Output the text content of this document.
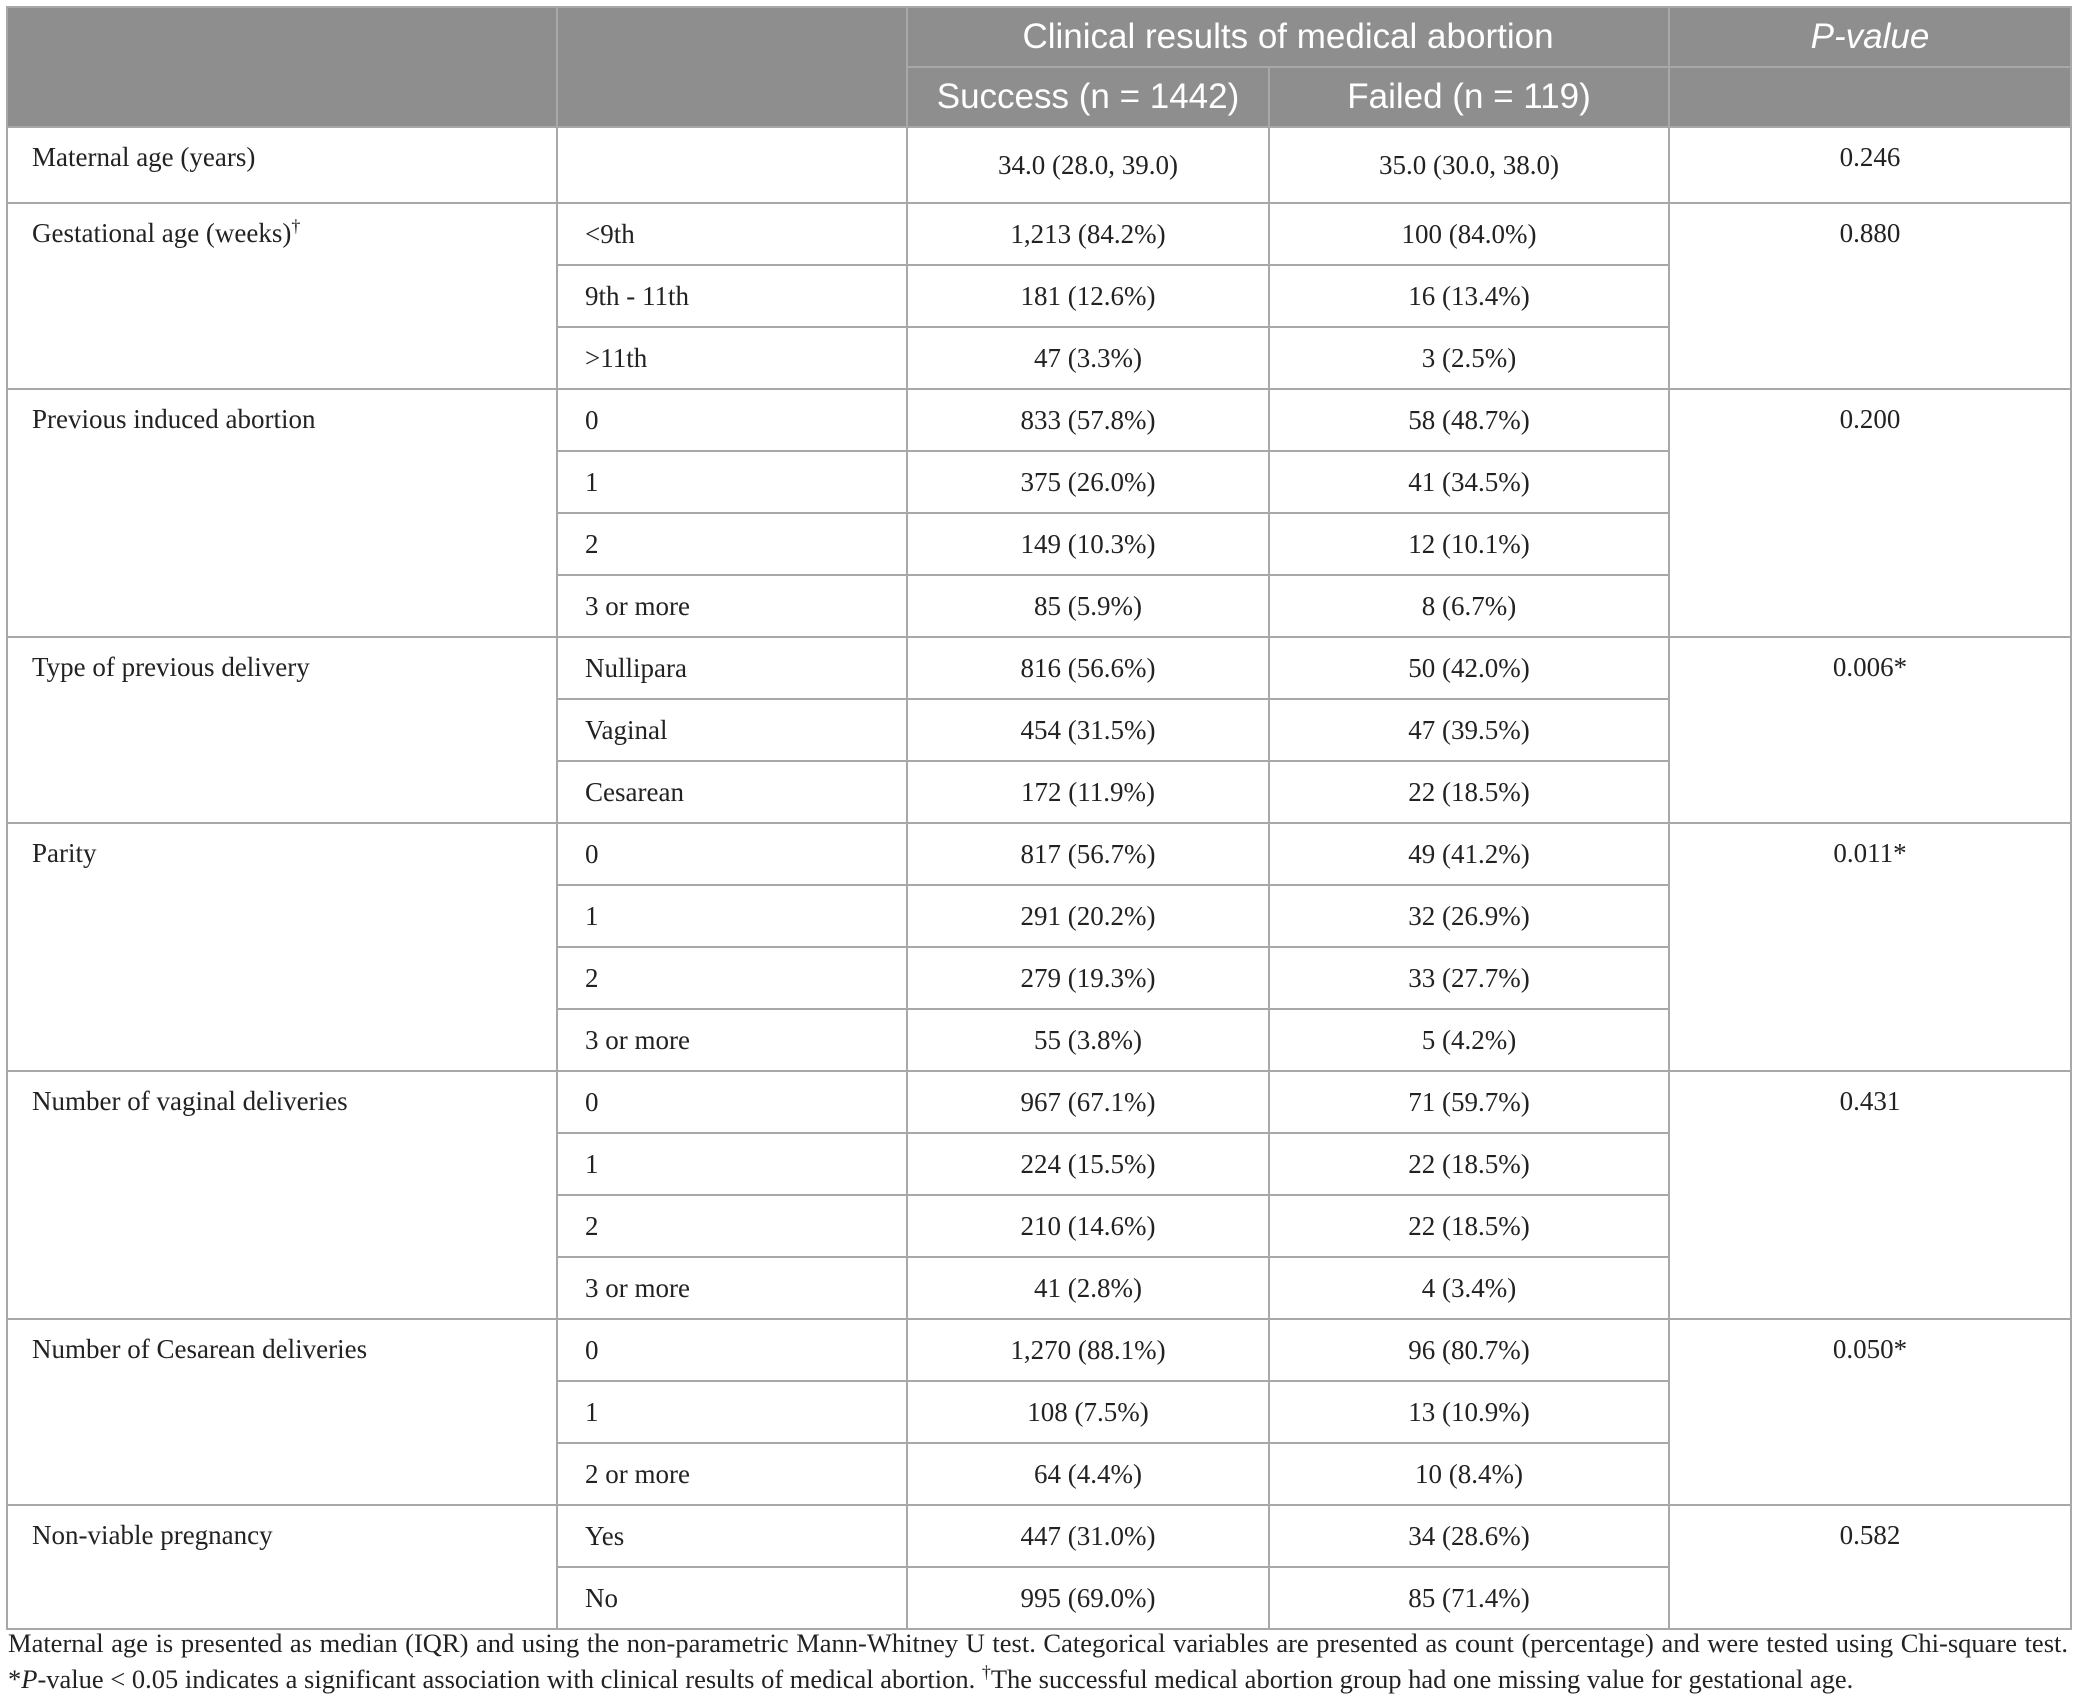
		Clinical results of medical abortion		P-value
		Success (n = 1442)	Failed (n = 119)	
Maternal age (years)		34.0 (28.0, 39.0)	35.0 (30.0, 38.0)	0.246
Gestational age (weeks)†	<9th	1,213 (84.2%)	100 (84.0%)	0.880
	9th - 11th	181 (12.6%)	16 (13.4%)	
	>11th	47 (3.3%)	3 (2.5%)	
Previous induced abortion	0	833 (57.8%)	58 (48.7%)	0.200
	1	375 (26.0%)	41 (34.5%)	
	2	149 (10.3%)	12 (10.1%)	
	3 or more	85 (5.9%)	8 (6.7%)	
Type of previous delivery	Nullipara	816 (56.6%)	50 (42.0%)	0.006*
	Vaginal	454 (31.5%)	47 (39.5%)	
	Cesarean	172 (11.9%)	22 (18.5%)	
Parity	0	817 (56.7%)	49 (41.2%)	0.011*
	1	291 (20.2%)	32 (26.9%)	
	2	279 (19.3%)	33 (27.7%)	
	3 or more	55 (3.8%)	5 (4.2%)	
Number of vaginal deliveries	0	967 (67.1%)	71 (59.7%)	0.431
	1	224 (15.5%)	22 (18.5%)	
	2	210 (14.6%)	22 (18.5%)	
	3 or more	41 (2.8%)	4 (3.4%)	
Number of Cesarean deliveries	0	1,270 (88.1%)	96 (80.7%)	0.050*
	1	108 (7.5%)	13 (10.9%)	
	2 or more	64 (4.4%)	10 (8.4%)	
Non-viable pregnancy	Yes	447 (31.0%)	34 (28.6%)	0.582
	No	995 (69.0%)	85 (71.4%)	
Maternal age is presented as median (IQR) and using the non-parametric Mann-Whitney U test. Categorical variables are presented as count (percentage) and were tested using Chi-square test. *P-value < 0.05 indicates a significant association with clinical results of medical abortion. †The successful medical abortion group had one missing value for gestational age.
